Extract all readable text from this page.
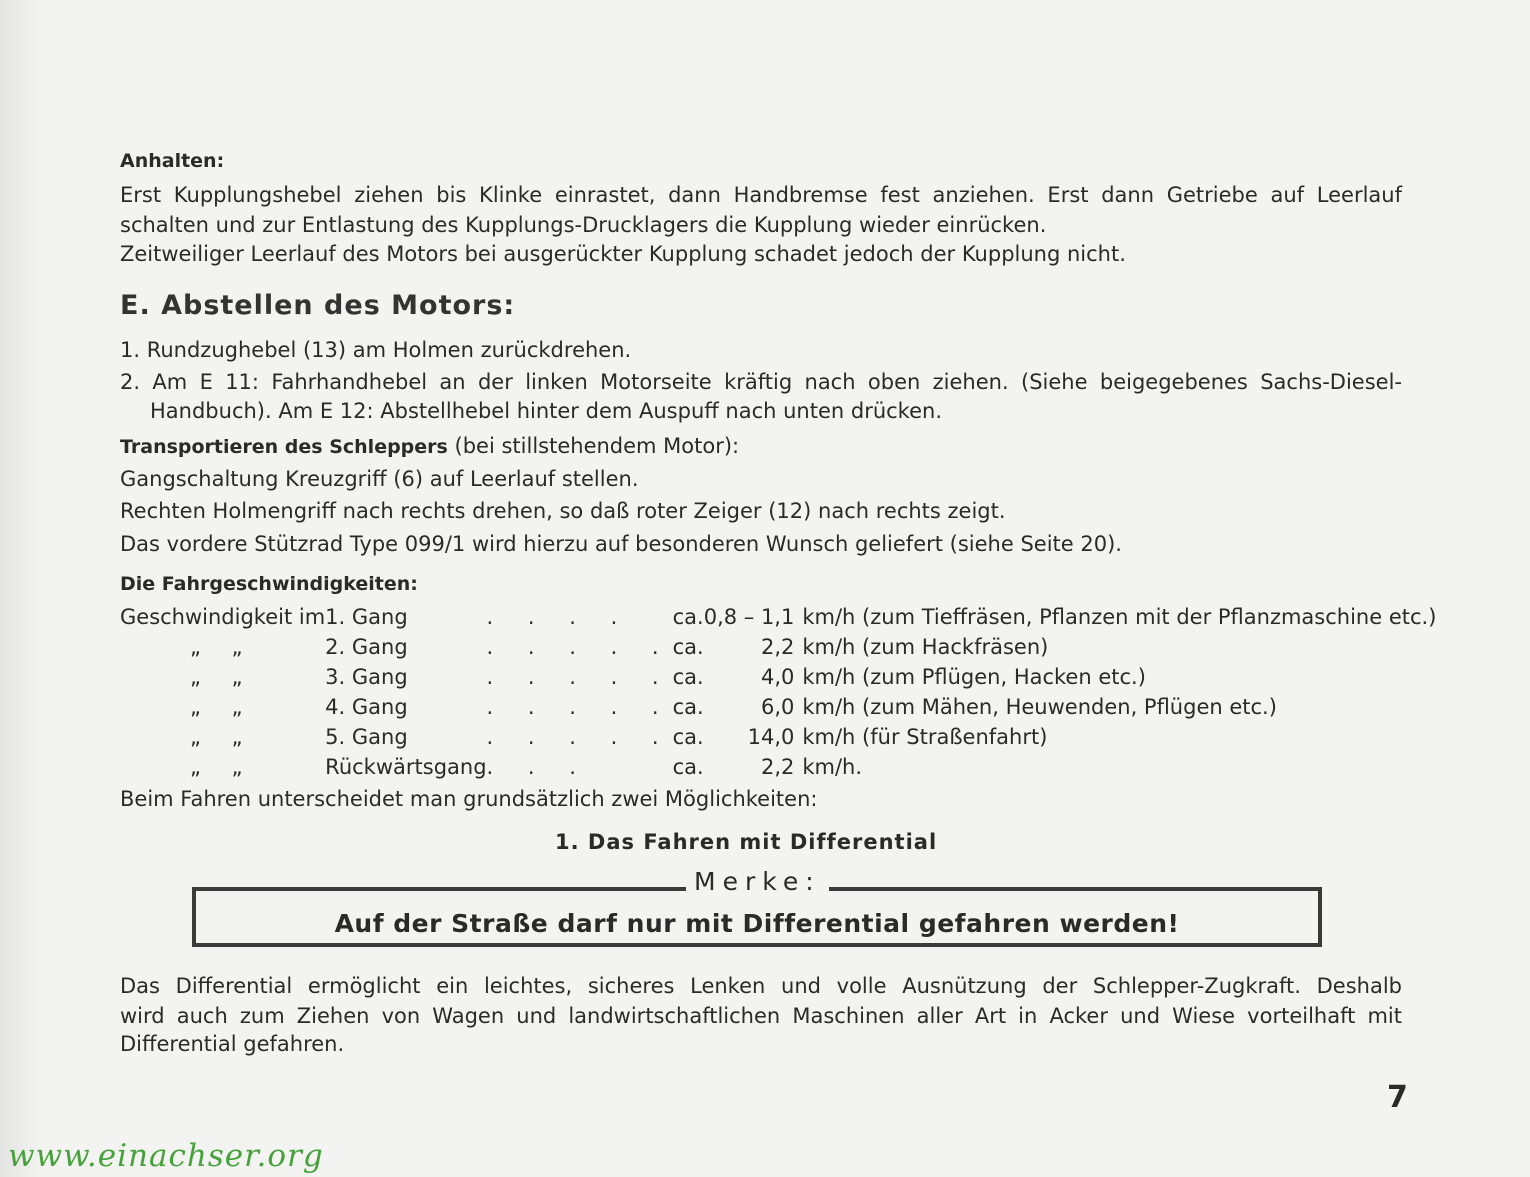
Anhalten:
Erst Kupplungshebel ziehen bis Klinke einrastet, dann Handbremse fest anziehen. Erst dann Getriebe auf Leerlauf
schalten und zur Entlastung des Kupplungs-Drucklagers die Kupplung wieder einrücken.
Zeitweiliger Leerlauf des Motors bei ausgerückter Kupplung schadet jedoch der Kupplung nicht.
E. Abstellen des Motors:
1. Rundzughebel (13) am Holmen zurückdrehen.
2. Am E 11: Fahrhandhebel an der linken Motorseite kräftig nach oben ziehen. (Siehe beigegebenes Sachs-Diesel-
Handbuch). Am E 12: Abstellhebel hinter dem Auspuff nach unten drücken.
Transportieren des Schleppers (bei stillstehendem Motor):
Gangschaltung Kreuzgriff (6) auf Leerlauf stellen.
Rechten Holmengriff nach rechts drehen, so daß roter Zeiger (12) nach rechts zeigt.
Das vordere Stützrad Type 099/1 wird hierzu auf besonderen Wunsch geliefert (siehe Seite 20).
Die Fahrgeschwindigkeiten:
Geschwindigkeit im		1. Gang	. . . .	ca.	0,8 – 1,1	km/h	(zum Tieffräsen, Pflanzen mit der Pflanzmaschine etc.)
„	„	2. Gang	. . . . .	ca.	2,2	km/h	(zum Hackfräsen)
„	„	3. Gang	. . . . .	ca.	4,0	km/h	(zum Pflügen, Hacken etc.)
„	„	4. Gang	. . . . .	ca.	6,0	km/h	(zum Mähen, Heuwenden, Pflügen etc.)
„	„	5. Gang	. . . . .	ca.	14,0	km/h	(für Straßenfahrt)
„	„	Rückwärtsgang	. . .	ca.	2,2	km/h.	
Beim Fahren unterscheidet man grundsätzlich zwei Möglichkeiten:
1. Das Fahren mit Differential
Merke:
Auf der Straße darf nur mit Differential gefahren werden!
Das Differential ermöglicht ein leichtes, sicheres Lenken und volle Ausnützung der Schlepper-Zugkraft. Deshalb
wird auch zum Ziehen von Wagen und landwirtschaftlichen Maschinen aller Art in Acker und Wiese vorteilhaft mit
Differential gefahren.
7
www.einachser.org
